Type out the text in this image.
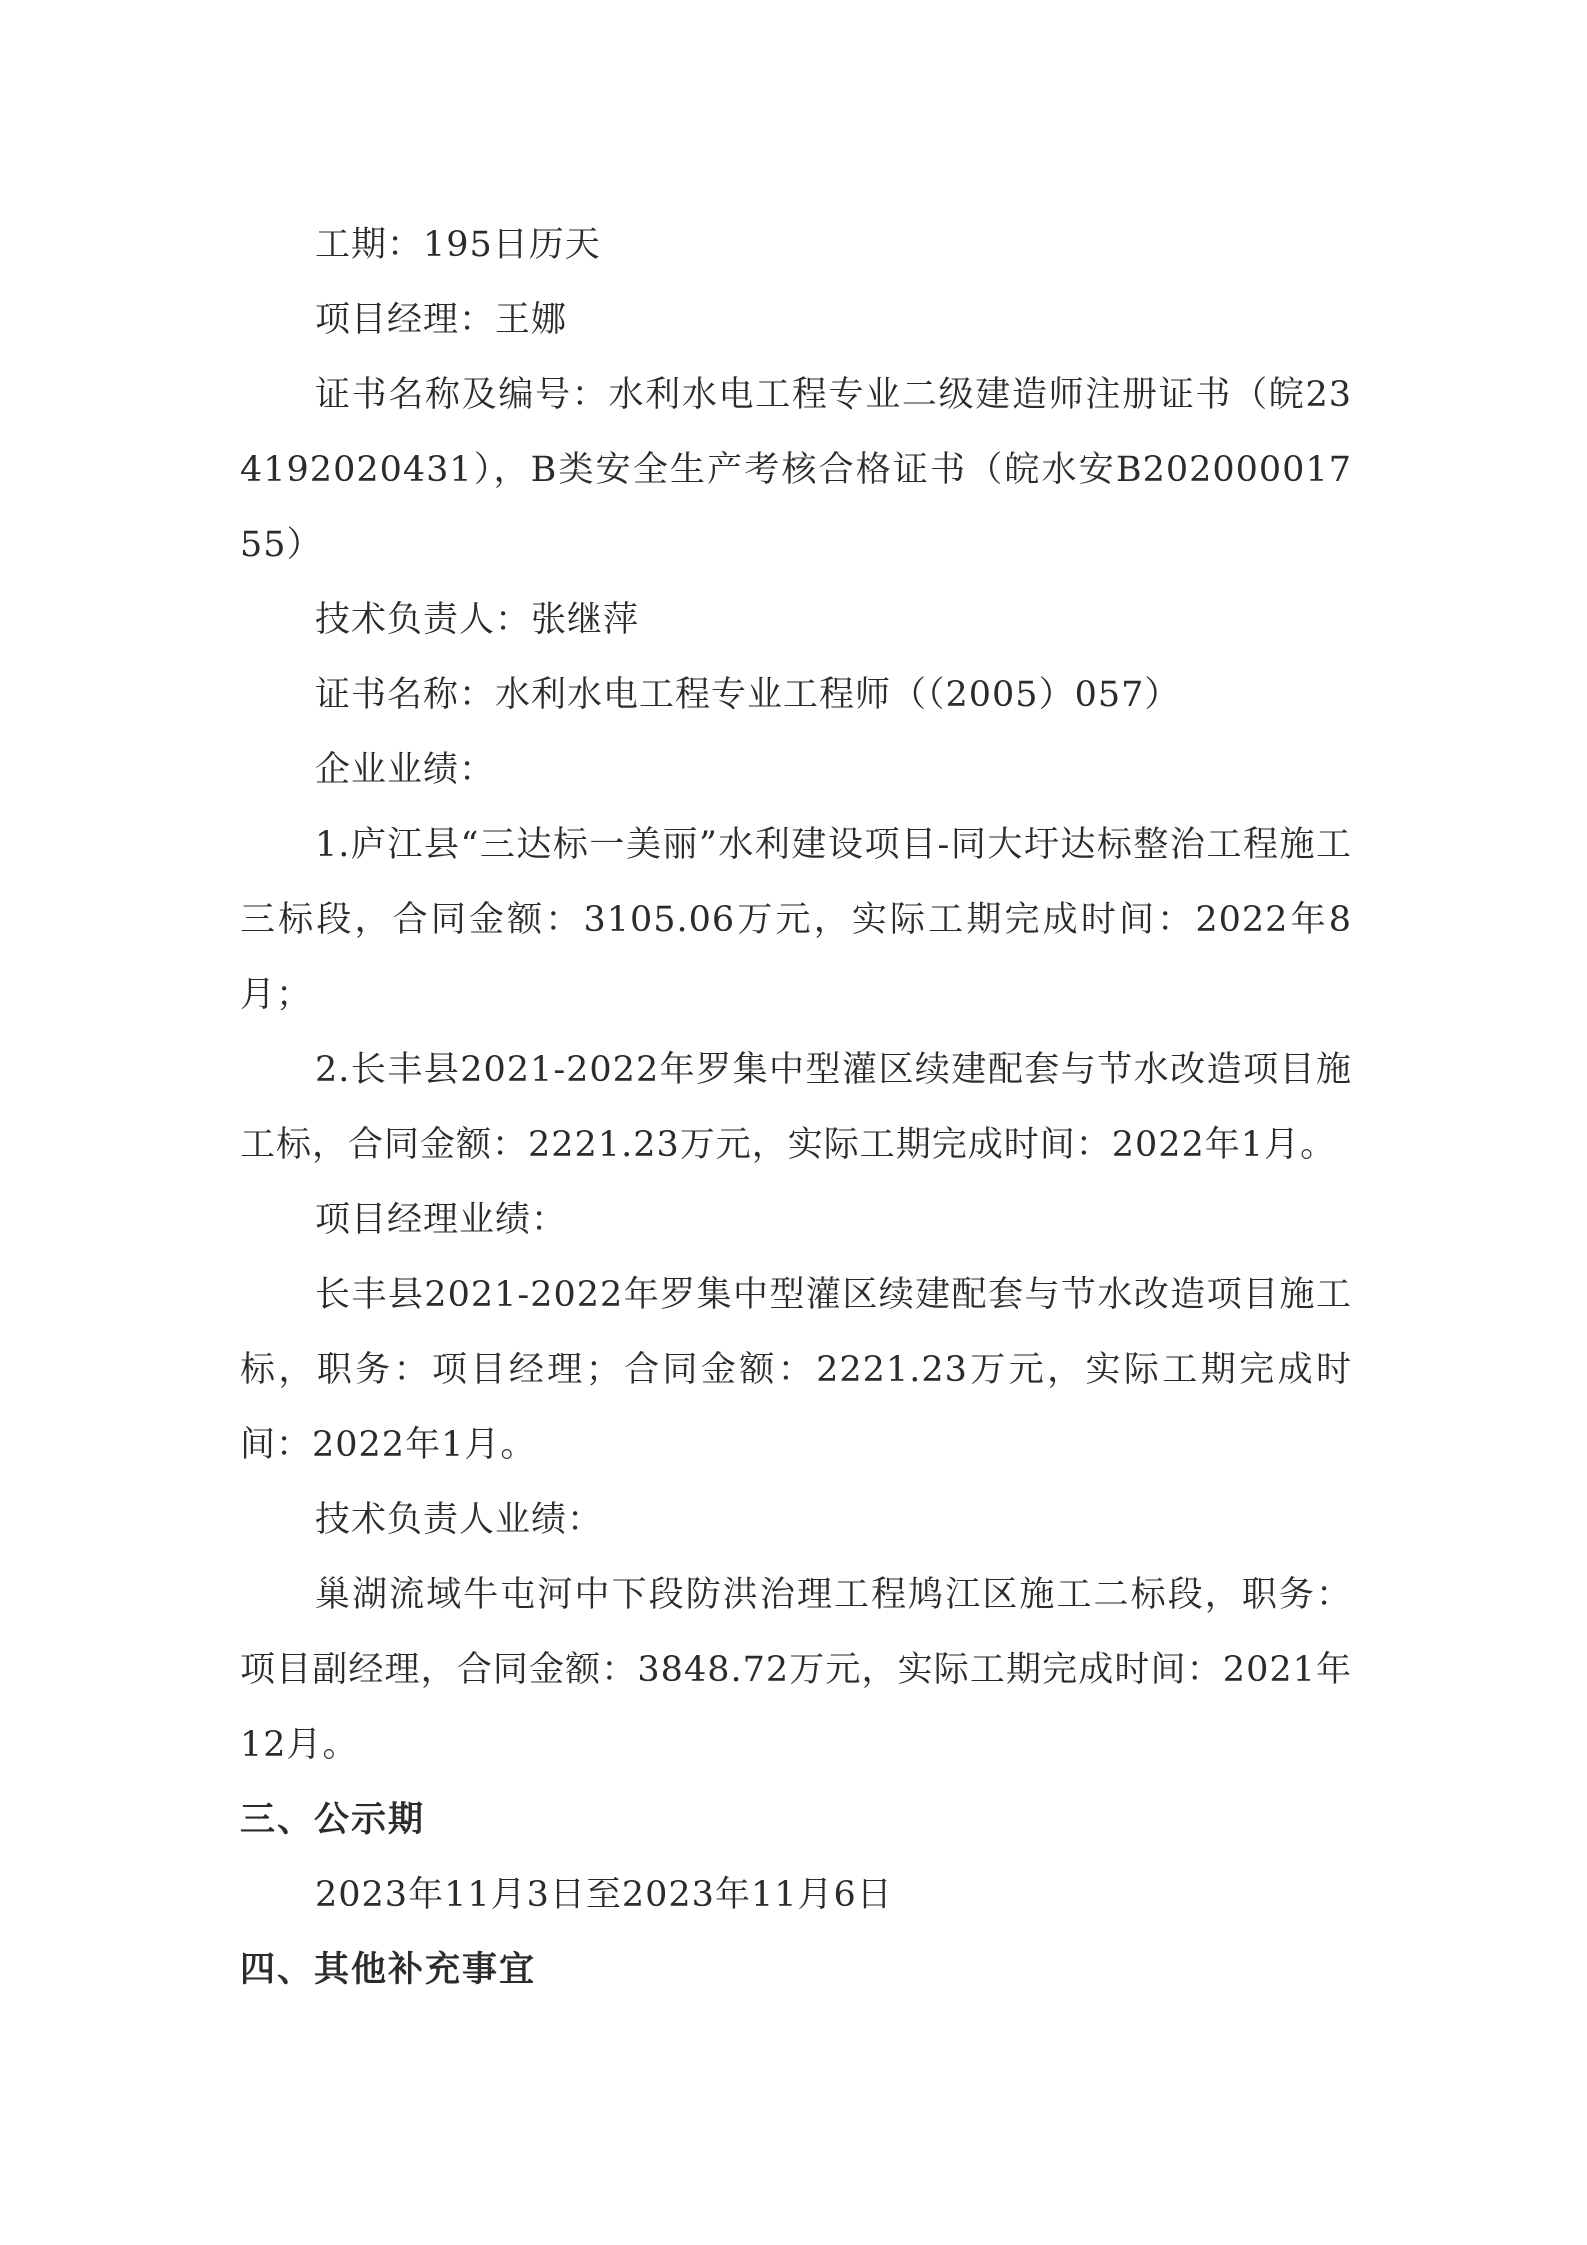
工期：195日历天

项目经理：王娜

证书名称及编号：水利水电工程专业二级建造师注册证书（皖234192020431），B类安全生产考核合格证书（皖水安B20200001755）

技术负责人：张继萍

证书名称：水利水电工程专业工程师（（2005）057）

企业业绩：

1.庐江县“三达标一美丽”水利建设项目-同大圩达标整治工程施工三标段，合同金额：3105.06万元，实际工期完成时间：2022年8月；

2.长丰县2021-2022年罗集中型灌区续建配套与节水改造项目施工标，合同金额：2221.23万元，实际工期完成时间：2022年1月。

项目经理业绩：

长丰县2021-2022年罗集中型灌区续建配套与节水改造项目施工标，职务：项目经理；合同金额：2221.23万元，实际工期完成时间：2022年1月。

技术负责人业绩：

巢湖流域牛屯河中下段防洪治理工程鸠江区施工二标段，职务：项目副经理，合同金额：3848.72万元，实际工期完成时间：2021年12月。

三、公示期

2023年11月3日至2023年11月6日

四、其他补充事宜
